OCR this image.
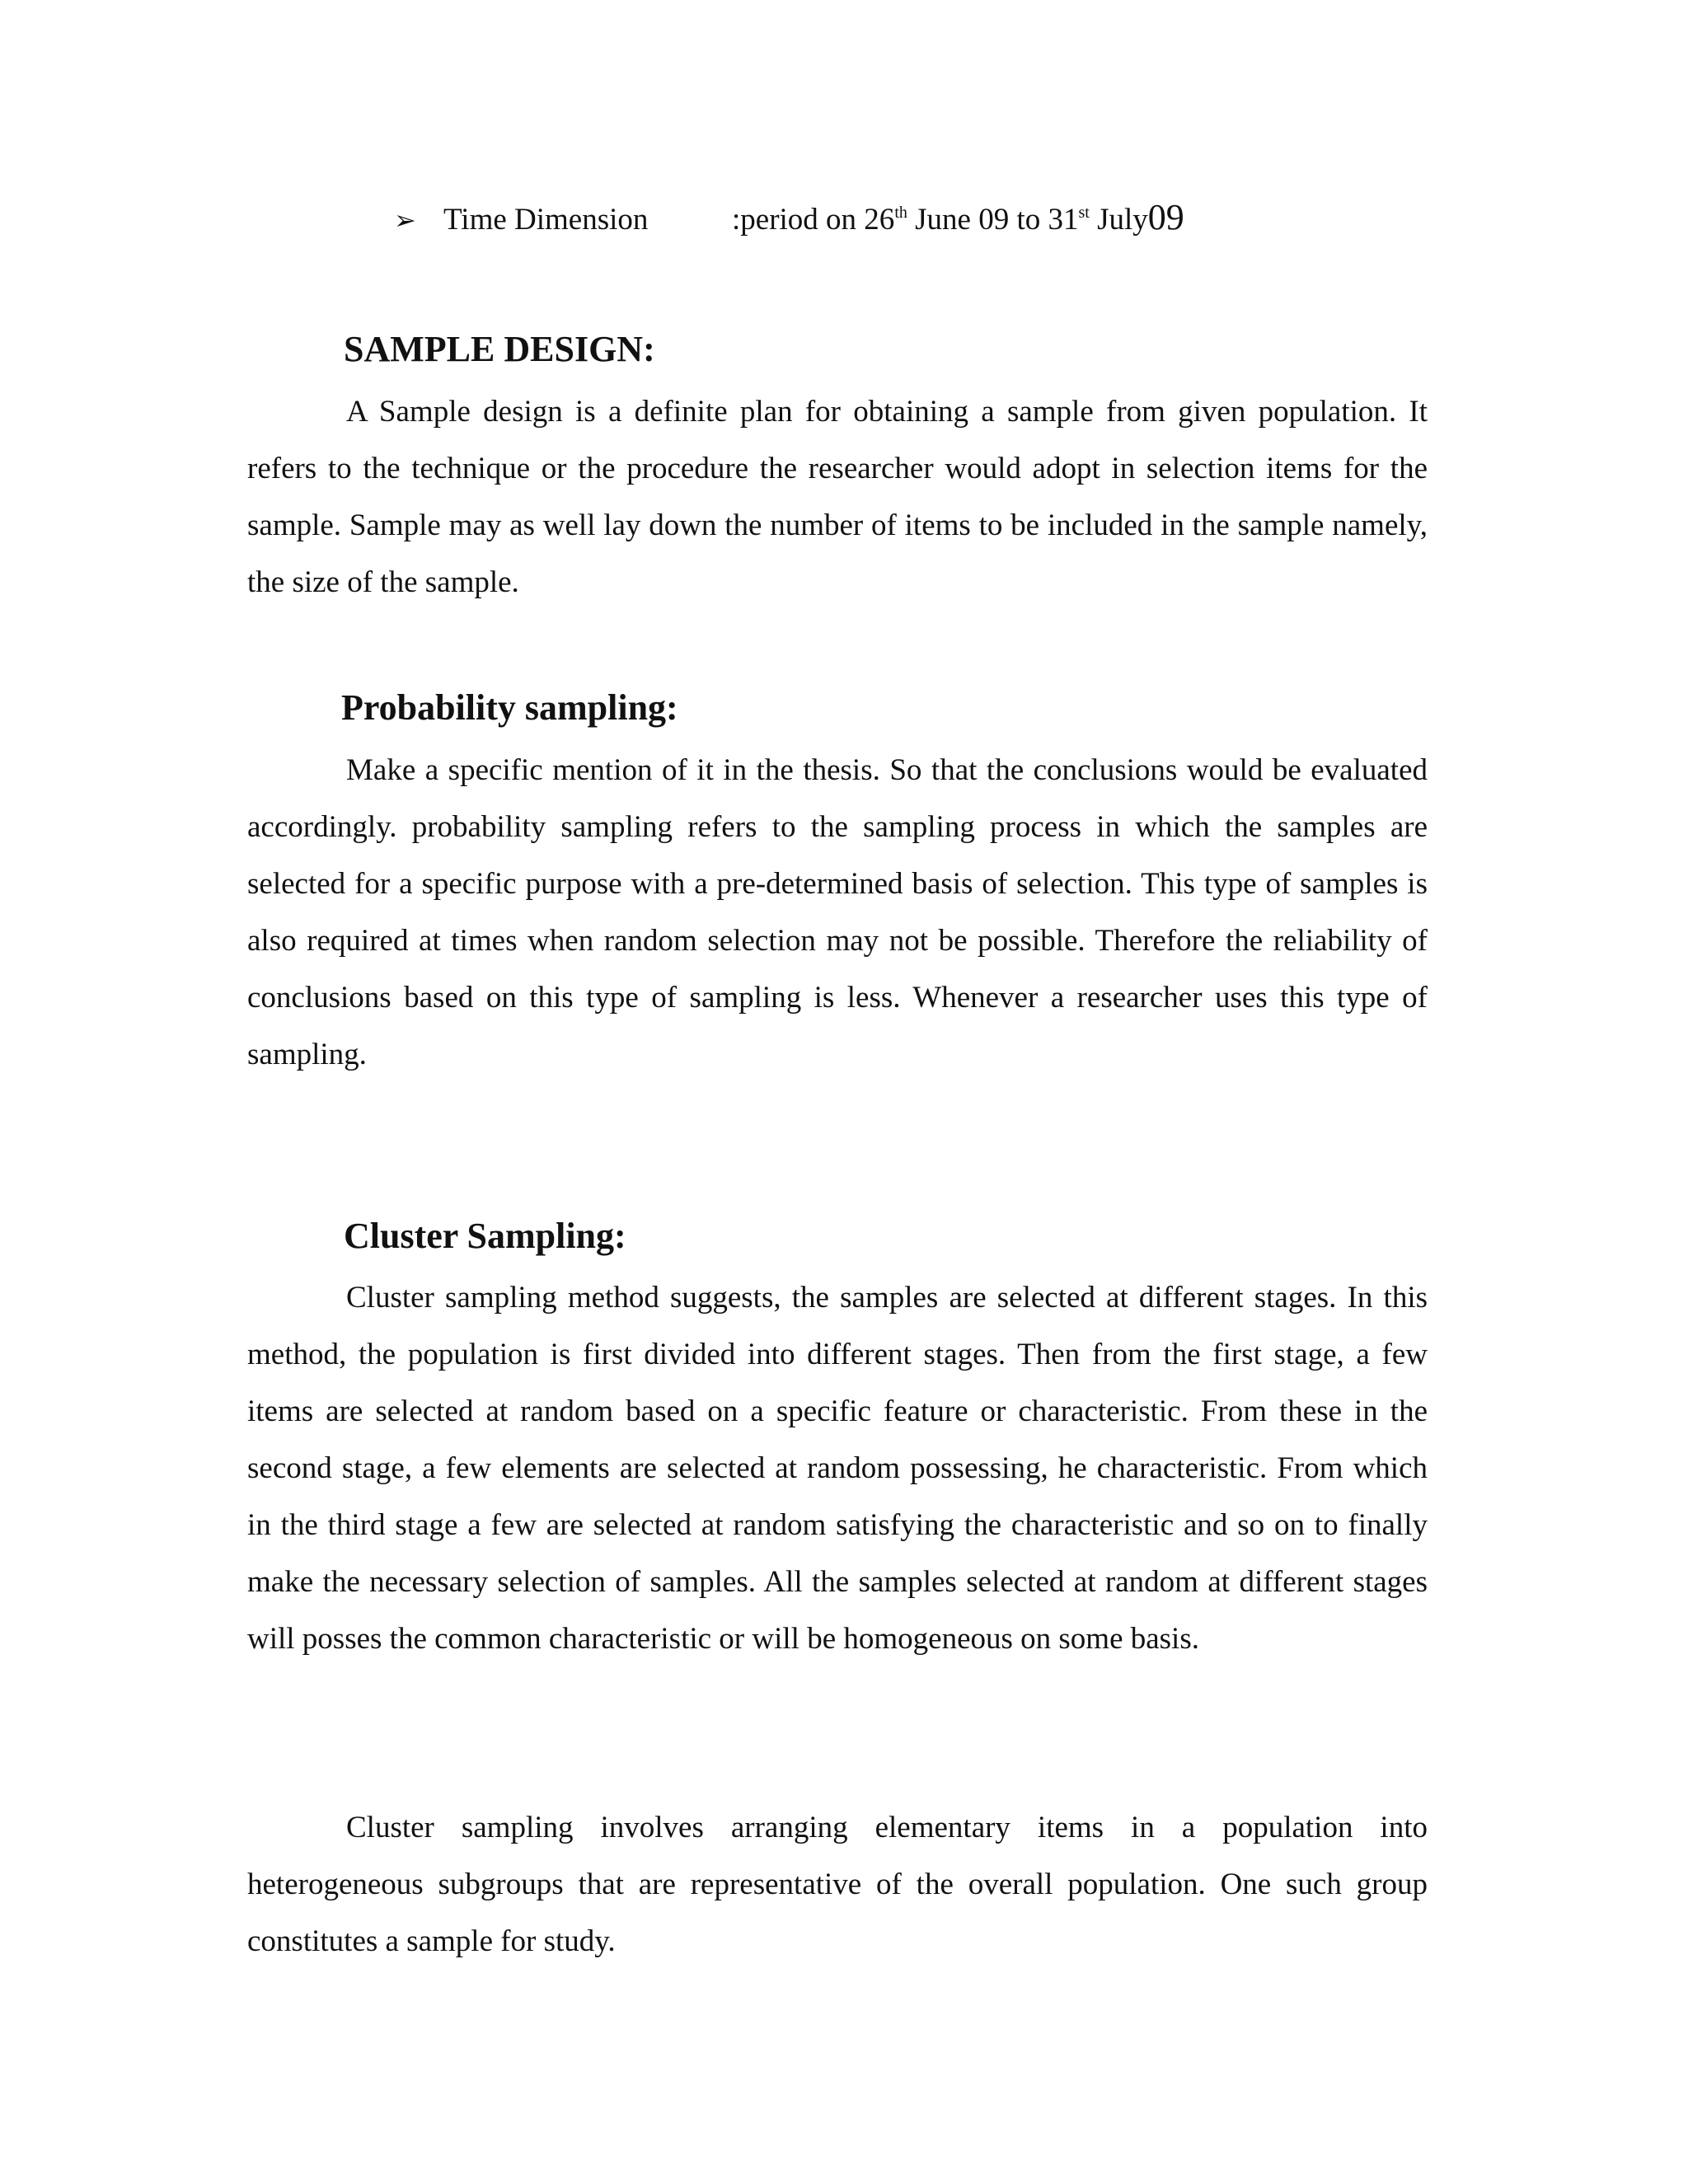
➢ Time Dimension	:period on 26th June 09 to 31st July09
SAMPLE DESIGN:

A Sample design is a definite plan for obtaining a sample from given population. It refers to the technique or the procedure the researcher would adopt in selection items for the sample. Sample may as well lay down the number of items to be included in the sample namely, the size of the sample.

Probability sampling:

Make a specific mention of it in the thesis. So that the conclusions would be evaluated accordingly. probability sampling refers to the sampling process in which the samples are selected for a specific purpose with a pre-determined basis of selection. This type of samples is also required at times when random selection may not be possible. Therefore the reliability of conclusions based on this type of sampling is less. Whenever a researcher uses this type of sampling.

Cluster Sampling:

Cluster sampling method suggests, the samples are selected at different stages. In this method, the population is first divided into different stages. Then from the first stage, a few items are selected at random based on a specific feature or characteristic. From these in the second stage, a few elements are selected at random possessing, he characteristic. From which in the third stage a few are selected at random satisfying the characteristic and so on to finally make the necessary selection of samples. All the samples selected at random at different stages will posses the common characteristic or will be homogeneous on some basis.

Cluster sampling involves arranging elementary items in a population into heterogeneous subgroups that are representative of the overall population. One such group constitutes a sample for study.
